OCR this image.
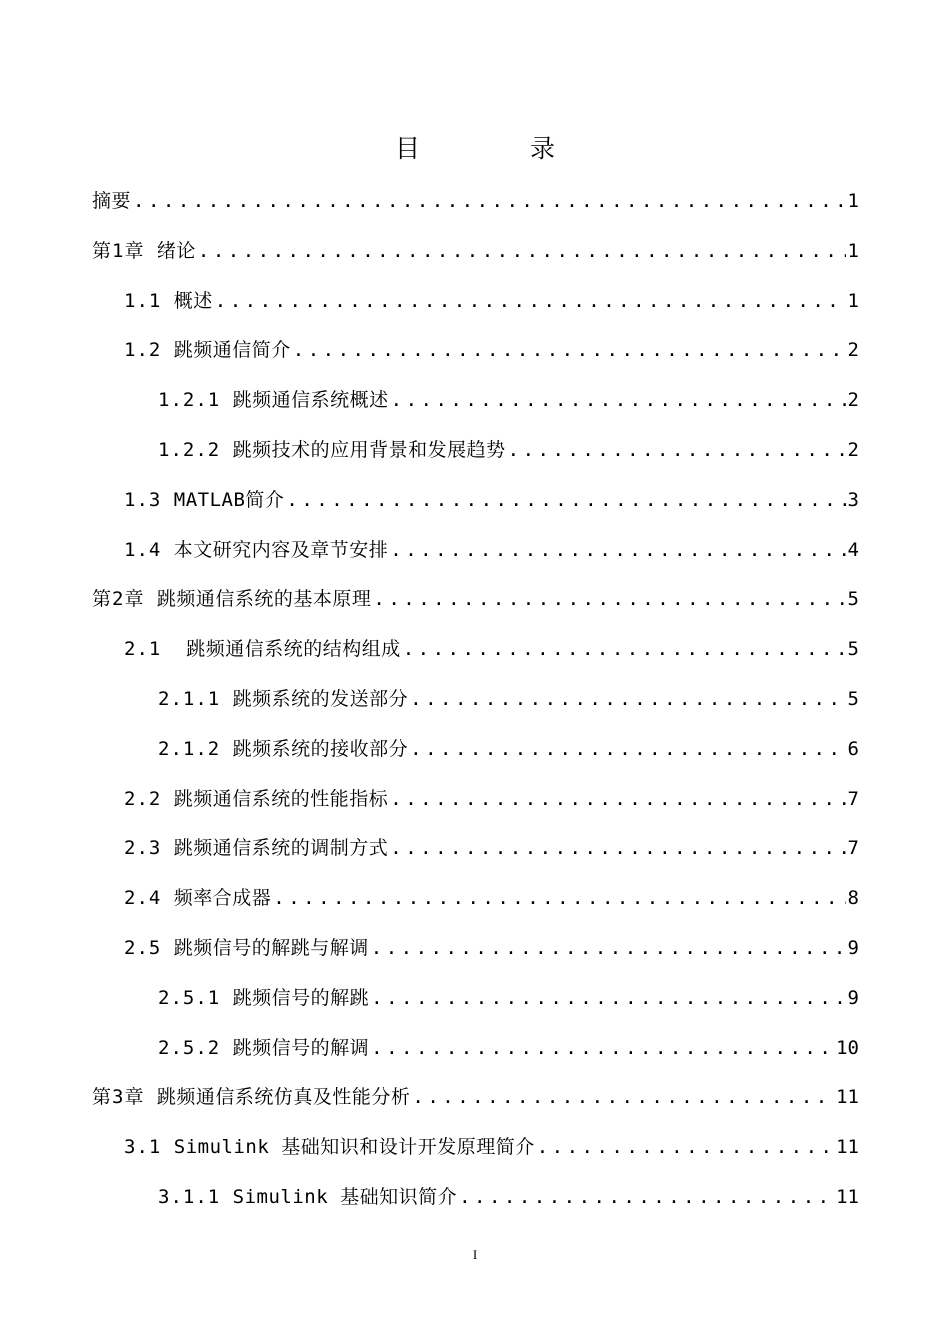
目	录
摘要 .....	1
第1章 绪论 .....	1
1.1 概述 .....	1
1.2 跳频通信简介 .....	2
1.2.1 跳频通信系统概述 .....	2
1.2.2 跳频技术的应用背景和发展趋势 .....	2
1.3 MATLAB简介 .....	3
1.4 本文研究内容及章节安排 .....	4
第2章 跳频通信系统的基本原理 .....	5
2.1 跳频通信系统的结构组成 .....	5
2.1.1 跳频系统的发送部分 .....	5
2.1.2 跳频系统的接收部分 .....	6
2.2 跳频通信系统的性能指标 .....	7
2.3 跳频通信系统的调制方式 .....	7
2.4 频率合成器 .....	8
2.5 跳频信号的解跳与解调 .....	9
2.5.1 跳频信号的解跳 .....	9
2.5.2 跳频信号的解调 .....	10
第3章 跳频通信系统仿真及性能分析 .....	11
3.1 Simulink 基础知识和设计开发原理简介 .....	11
3.1.1 Simulink 基础知识简介 .....	11
I
